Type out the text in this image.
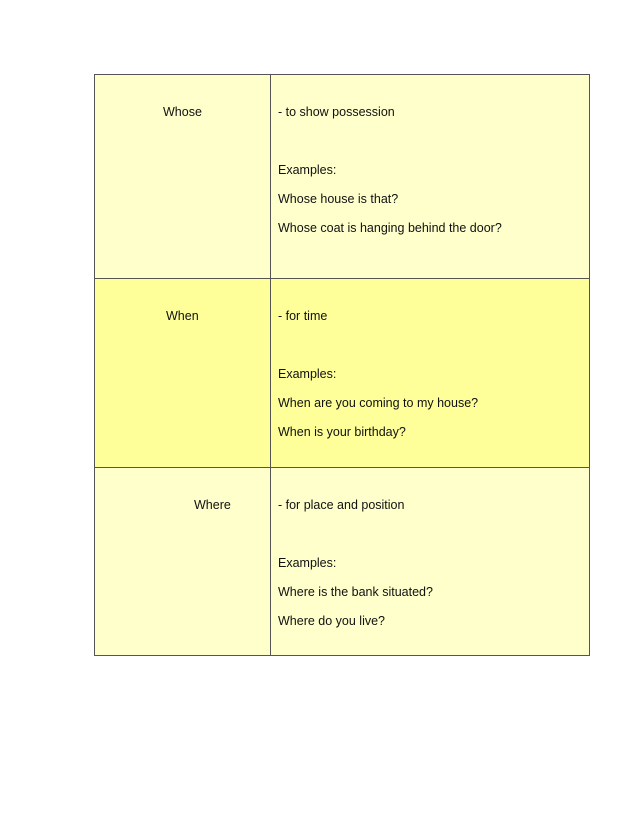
Whose	- to show possession
Examples:
Whose house is that?
Whose coat is hanging behind the door?
When	- for time
Examples:
When are you coming to my house?
When is your birthday?
Where	- for place and position
Examples:
Where is the bank situated?
Where do you live?
